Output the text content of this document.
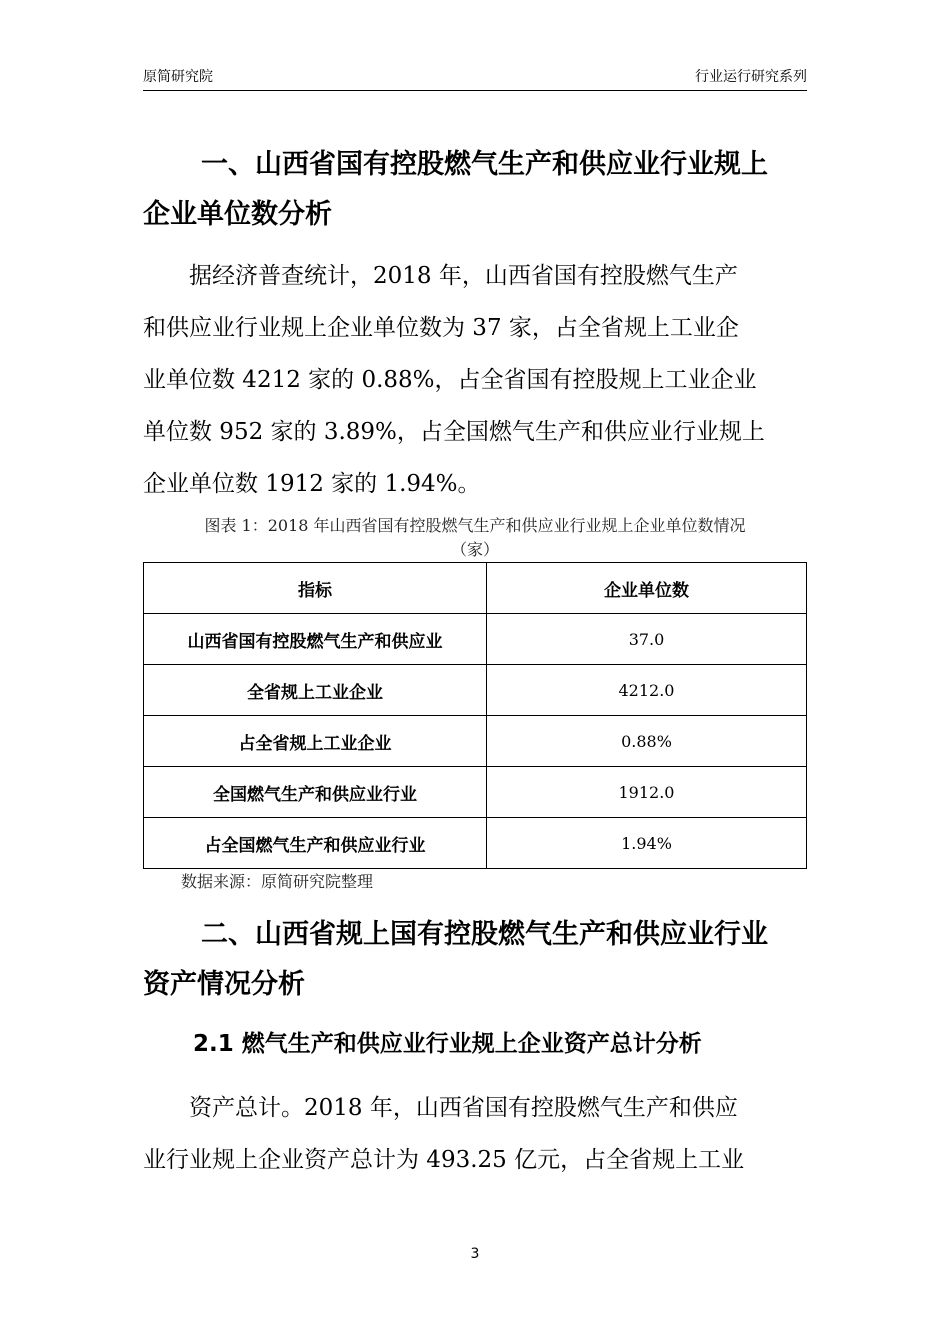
原简研究院	行业运行研究系列
一、山西省国有控股燃气生产和供应业行业规上
企业单位数分析
据经济普查统计，2018 年，山西省国有控股燃气生产
和供应业行业规上企业单位数为 37 家，占全省规上工业企
业单位数 4212 家的 0.88%，占全省国有控股规上工业企业
单位数 952 家的 3.89%，占全国燃气生产和供应业行业规上
企业单位数 1912 家的 1.94%。
图表 1：2018 年山西省国有控股燃气生产和供应业行业规上企业单位数情况
（家）
指标	企业单位数
山西省国有控股燃气生产和供应业	37.0
全省规上工业企业	4212.0
占全省规上工业企业	0.88%
全国燃气生产和供应业行业	1912.0
占全国燃气生产和供应业行业	1.94%
数据来源：原简研究院整理
二、山西省规上国有控股燃气生产和供应业行业
资产情况分析
2.1 燃气生产和供应业行业规上企业资产总计分析
资产总计。2018 年，山西省国有控股燃气生产和供应
业行业规上企业资产总计为 493.25 亿元，占全省规上工业
3
